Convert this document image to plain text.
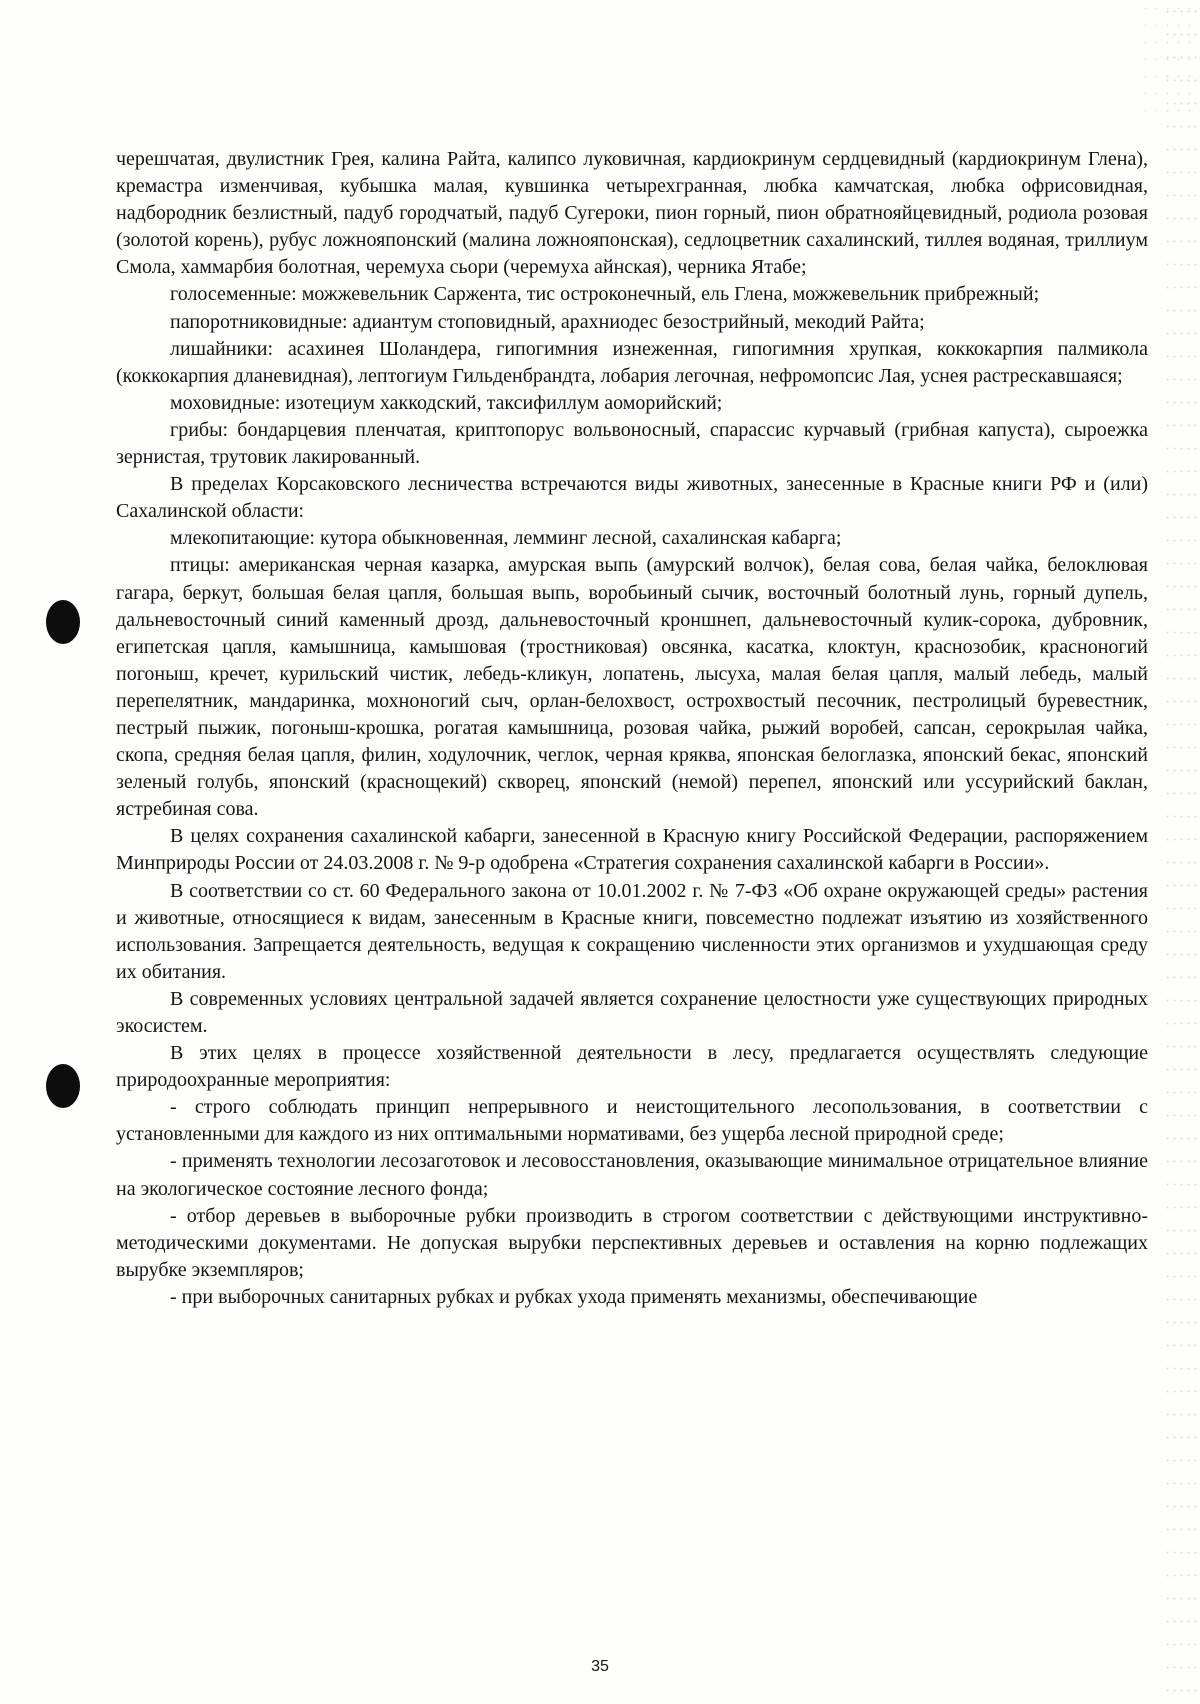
черешчатая, двулистник Грея, калина Райта, калипсо луковичная, кардиокринум сердцевидный (кардиокринум Глена), кремастра изменчивая, кубышка малая, кувшинка четырехгранная, любка камчатская, любка офрисовидная, надбородник безлистный, падуб городчатый, падуб Сугероки, пион горный, пион обратнояйцевидный, родиола розовая (золотой корень), рубус ложнояпонский (малина ложнояпонская), седлоцветник сахалинский, тиллея водяная, триллиум Смола, хаммарбия болотная, черемуха сьори (черемуха айнская), черника Ятабе;

голосеменные: можжевельник Саржента, тис остроконечный, ель Глена, можжевельник прибрежный;

папоротниковидные: адиантум стоповидный, арахниодес безострийный, мекодий Райта;

лишайники: асахинея Шоландера, гипогимния изнеженная, гипогимния хрупкая, коккокарпия палмикола (коккокарпия дланевидная), лептогиум Гильденбрандта, лобария легочная, нефромопсис Лая, уснея растрескавшаяся;

моховидные: изотециум хаккодский, таксифиллум аоморийский;

грибы: бондарцевия пленчатая, криптопорус вольвоносный, спарассис курчавый (грибная капуста), сыроежка зернистая, трутовик лакированный.

В пределах Корсаковского лесничества встречаются виды животных, занесенные в Красные книги РФ и (или) Сахалинской области:

млекопитающие: кутора обыкновенная, лемминг лесной, сахалинская кабарга;

птицы: американская черная казарка, амурская выпь (амурский волчок), белая сова, белая чайка, белоклювая гагара, беркут, большая белая цапля, большая выпь, воробьиный сычик, восточный болотный лунь, горный дупель, дальневосточный синий каменный дрозд, дальневосточный кроншнеп, дальневосточный кулик-сорока, дубровник, египетская цапля, камышница, камышовая (тростниковая) овсянка, касатка, клоктун, краснозобик, красноногий погоныш, кречет, курильский чистик, лебедь-кликун, лопатень, лысуха, малая белая цапля, малый лебедь, малый перепелятник, мандаринка, мохноногий сыч, орлан-белохвост, острохвостый песочник, пестролицый буревестник, пестрый пыжик, погоныш-крошка, рогатая камышница, розовая чайка, рыжий воробей, сапсан, серокрылая чайка, скопа, средняя белая цапля, филин, ходулочник, чеглок, черная кряква, японская белоглазка, японский бекас, японский зеленый голубь, японский (краснощекий) скворец, японский (немой) перепел, японский или уссурийский баклан, ястребиная сова.

В целях сохранения сахалинской кабарги, занесенной в Красную книгу Российской Федерации, распоряжением Минприроды России от 24.03.2008 г. № 9-р одобрена «Стратегия сохранения сахалинской кабарги в России».

В соответствии со ст. 60 Федерального закона от 10.01.2002 г. № 7-ФЗ «Об охране окружающей среды» растения и животные, относящиеся к видам, занесенным в Красные книги, повсеместно подлежат изъятию из хозяйственного использования. Запрещается деятельность, ведущая к сокращению численности этих организмов и ухудшающая среду их обитания.

В современных условиях центральной задачей является сохранение целостности уже существующих природных экосистем.

В этих целях в процессе хозяйственной деятельности в лесу, предлагается осуществлять следующие природоохранные мероприятия:

- строго соблюдать принцип непрерывного и неистощительного лесопользования, в соответствии с установленными для каждого из них оптимальными нормативами, без ущерба лесной природной среде;

- применять технологии лесозаготовок и лесовосстановления, оказывающие минимальное отрицательное влияние на экологическое состояние лесного фонда;

- отбор деревьев в выборочные рубки производить в строгом соответствии с действующими инструктивно-методическими документами. Не допуская вырубки перспективных деревьев и оставления на корню подлежащих вырубке экземпляров;

- при выборочных санитарных рубках и рубках ухода применять механизмы, обеспечивающие

35
